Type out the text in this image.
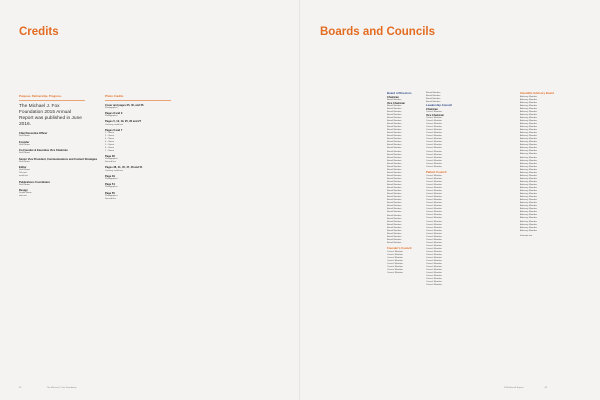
Credits

Purpose. Partnership. Progress.

The Michael J. Fox Foundation 2015 Annual Report was published in June 2016.

Chief Executive Officer

Staff Name

Founder

Staff Name

Co-Founder & Executive Vice Chairman

Staff Name

Senior Vice President, Communications and Content Strategies

Staff Name

Editor

Staff Name

Title text

email text

Publications Coordinator

Staff Name

Design

Studio Name

web text

Photo Credits

Cover and pages 05, 46, and 56

Photographer

Pages 8 and 9

Photographer

Pages 5, 12, 19, 25, 26 and 27

Courtesy credit text

Pages 6 and 7

1 – Name

2 – Name

3 – Name

4 – Name

5 – Name

6 – Name

7 – Name

Page 36

Photographer

Second line

Pages 38, 41, 45, 47, 48 and 51

Courtesy credit text

Page 49

Photographer

Page 54

Photographer

Page 55

Photographer

Second line

62	The Michael J. Fox Foundation
Boards and Councils

Board of Directors

Chairman

Board Member

Vice Chairman

Board Member

Board Member

Board Member

Board Member

Board Member

Board Member

Board Member

Board Member

Board Member

Board Member

Board Member

Board Member

Board Member

Board Member

Board Member

Board Member

Board Member

Board Member

Board Member

Board Member

Board Member

Board Member

Board Member

Board Member

Board Member

Board Member

Board Member

Board Member

Board Member

Board Member

Board Member

Board Member

Board Member

Board Member

Board Member

Board Member

Board Member

Board Member

Board Member

Board Member

Board Member

Board Member

Board Member

Board Member

Board Member

Board Member

Founder's Council

Council Member

Council Member

Council Member

Council Member

Council Member

Council Member

Council Member

Council Member

Board Member

Board Member

Board Member

Board Member

Leadership Council

Chairman

Council Member

Vice Chairman

Council Member

Council Member

Council Member

Council Member

Council Member

Council Member

Council Member

Council Member

Council Member

Council Member

Council Member

Council Member

Council Member

Council Member

Council Member

Council Member

Council Member

Patient Council

Council Member

Council Member

Council Member

Council Member

Council Member

Council Member

Council Member

Council Member

Council Member

Council Member

Council Member

Council Member

Council Member

Council Member

Council Member

Council Member

Council Member

Council Member

Council Member

Council Member

Council Member

Council Member

Council Member

Council Member

Council Member

Council Member

Council Member

Council Member

Council Member

Council Member

Council Member

Council Member

Council Member

Council Member

Council Member

Council Member

Council Member

Scientific Advisory Board

Advisory Member

Advisory Member

Advisory Member

Advisory Member

Advisory Member

Advisory Member

Advisory Member

Advisory Member

Advisory Member

Advisory Member

Advisory Member

Advisory Member

Advisory Member

Advisory Member

Advisory Member

Advisory Member

Advisory Member

Advisory Member

Advisory Member

Advisory Member

Advisory Member

Advisory Member

Advisory Member

Advisory Member

Advisory Member

Advisory Member

Advisory Member

Advisory Member

Advisory Member

Advisory Member

Advisory Member

Advisory Member

Advisory Member

Advisory Member

Advisory Member

Advisory Member

Advisory Member

Advisory Member

Advisory Member

Advisory Member

Advisory Member

Advisory Member

Advisory Member

Advisory Member

Advisory Member

Footnote text

2015 Annual Report	63
